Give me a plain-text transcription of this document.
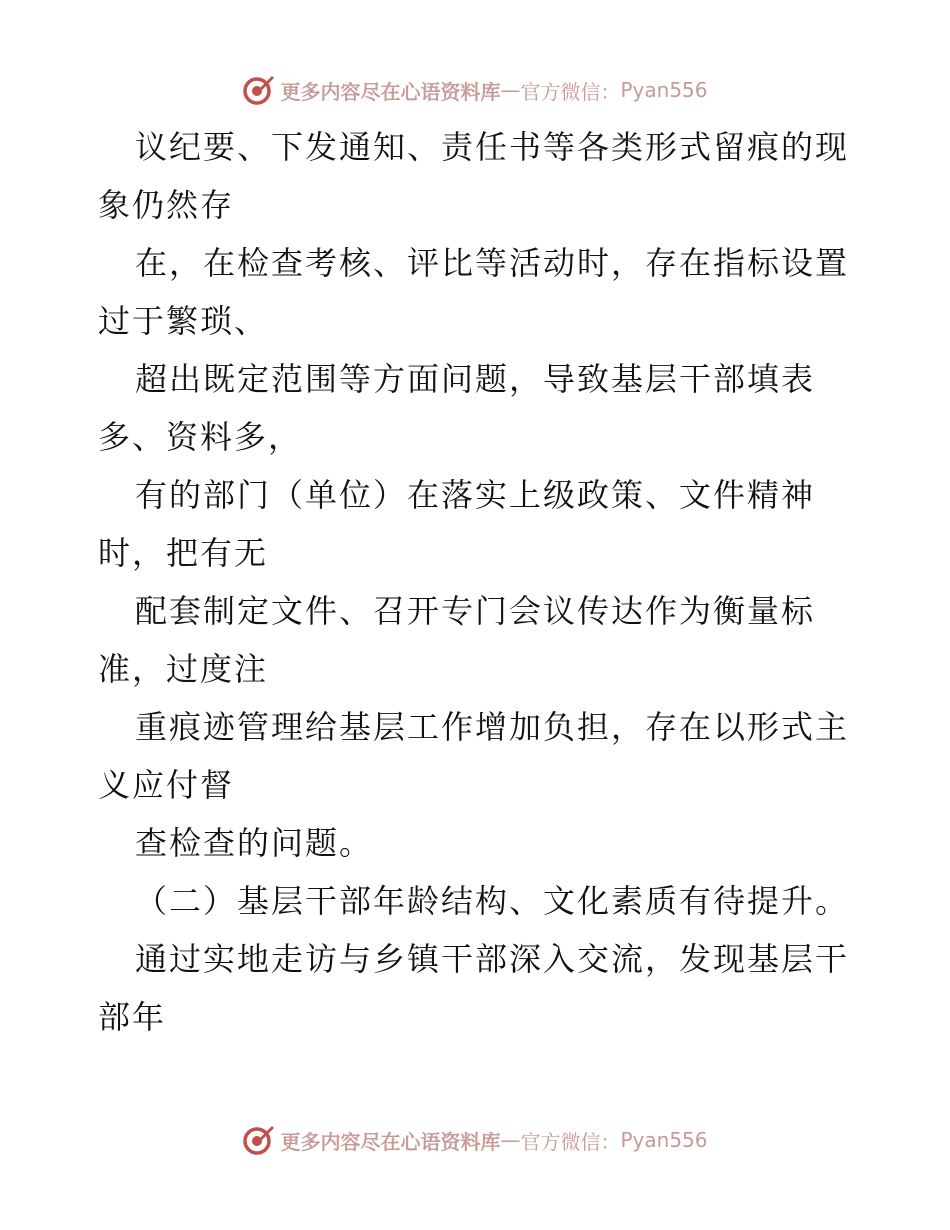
更多内容尽在心语资料库 — 官方微信： Pyan556
议纪要、下发通知、责任书等各类形式留痕的现
象仍然存
在，在检查考核、评比等活动时，存在指标设置
过于繁琐、
超出既定范围等方面问题，导致基层干部填表
多、资料多，
有的部门（单位）在落实上级政策、文件精神
时，把有无
配套制定文件、召开专门会议传达作为衡量标
准，过度注
重痕迹管理给基层工作增加负担，存在以形式主
义应付督
查检查的问题。
（二）基层干部年龄结构、文化素质有待提升。
通过实地走访与乡镇干部深入交流，发现基层干
部年
更多内容尽在心语资料库 — 官方微信： Pyan556
